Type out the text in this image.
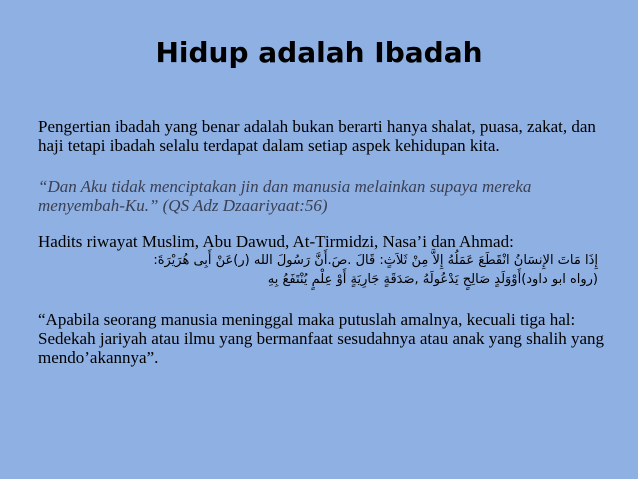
Hidup adalah Ibadah

Pengertian ibadah yang benar adalah bukan berarti hanya shalat, puasa, zakat, dan haji tetapi ibadah selalu terdapat dalam setiap aspek kehidupan kita.

“Dan Aku tidak menciptakan jin dan manusia melainkan supaya mereka menyembah-Ku.” (QS Adz Dzaariyaat:56)

Hadits riwayat Muslim, Abu Dawud, At-Tirmidzi, Nasa’i dan Ahmad:

إِذَا مَاتَ الإِنسَانُ انْقَطَعَ عَمَلُهُ إِلاَّ مِنْ ثَلاَثٍ: قَالَ .صَ.أَنَّ رَسُولَ الله (ر)عَنْ أَبِى هُرَيْرَةَ:

(رواه ابو داود)أَوْوَلَدٍ صَالِحٍ يَدْعُولَهُ ,صَدَقَةٍ جَارِيَةٍ أَوْ عِلْمٍ يُنْتَفَعُ بِهِ

“Apabila seorang manusia meninggal maka putuslah amalnya, kecuali tiga hal: Sedekah jariyah atau ilmu yang bermanfaat sesudahnya atau anak yang shalih yang mendo’akannya”.
